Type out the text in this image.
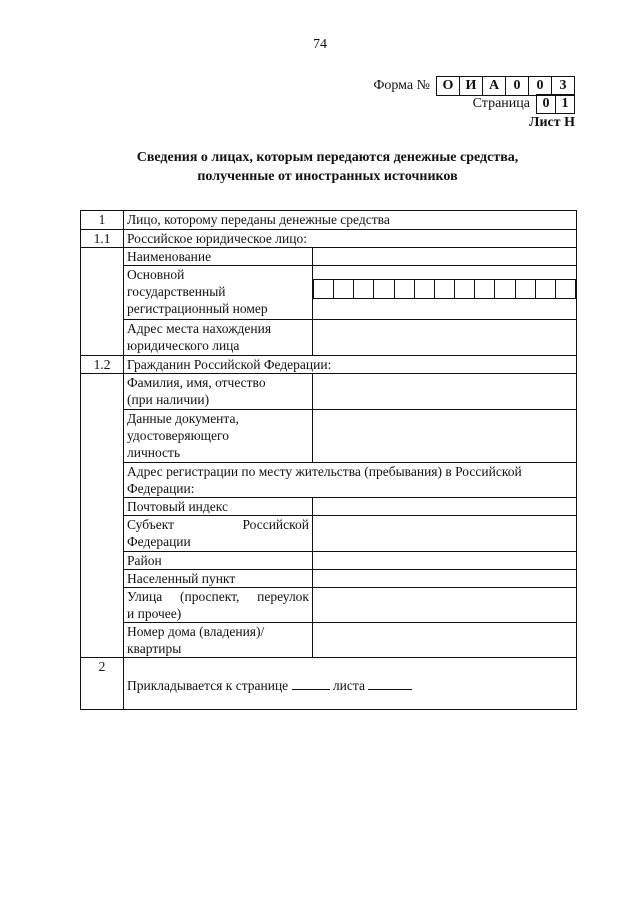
74
Форма № О И А	0	0	3
Страница 0 1
Лист Н
Сведения о лицах, которым передаются денежные средства,
полученные от иностранных источников
1	Лицо, которому переданы денежные средства	
1.1	Российское юридическое лицо:	
	Наименование	

	Основной
государственный
регистрационный номер	

	Адрес места нахождения
юридического лица	

1.2	Гражданин Российской Федерации:	

	Фамилия, имя, отчество
(при наличии)	

	Данные документа,
удостоверяющего
личность	

	Адрес регистрации по месту жительства (пребывания) в Российской
Федерации:	

	Почтовый индекс	

	Субъект Российской
Федерации	

	Район	
	Населенный пункт	

	Улица (проспект, переулок
и прочее)	

	Номер дома (владения)/
квартиры	

2	Прикладывается к странице листа	
